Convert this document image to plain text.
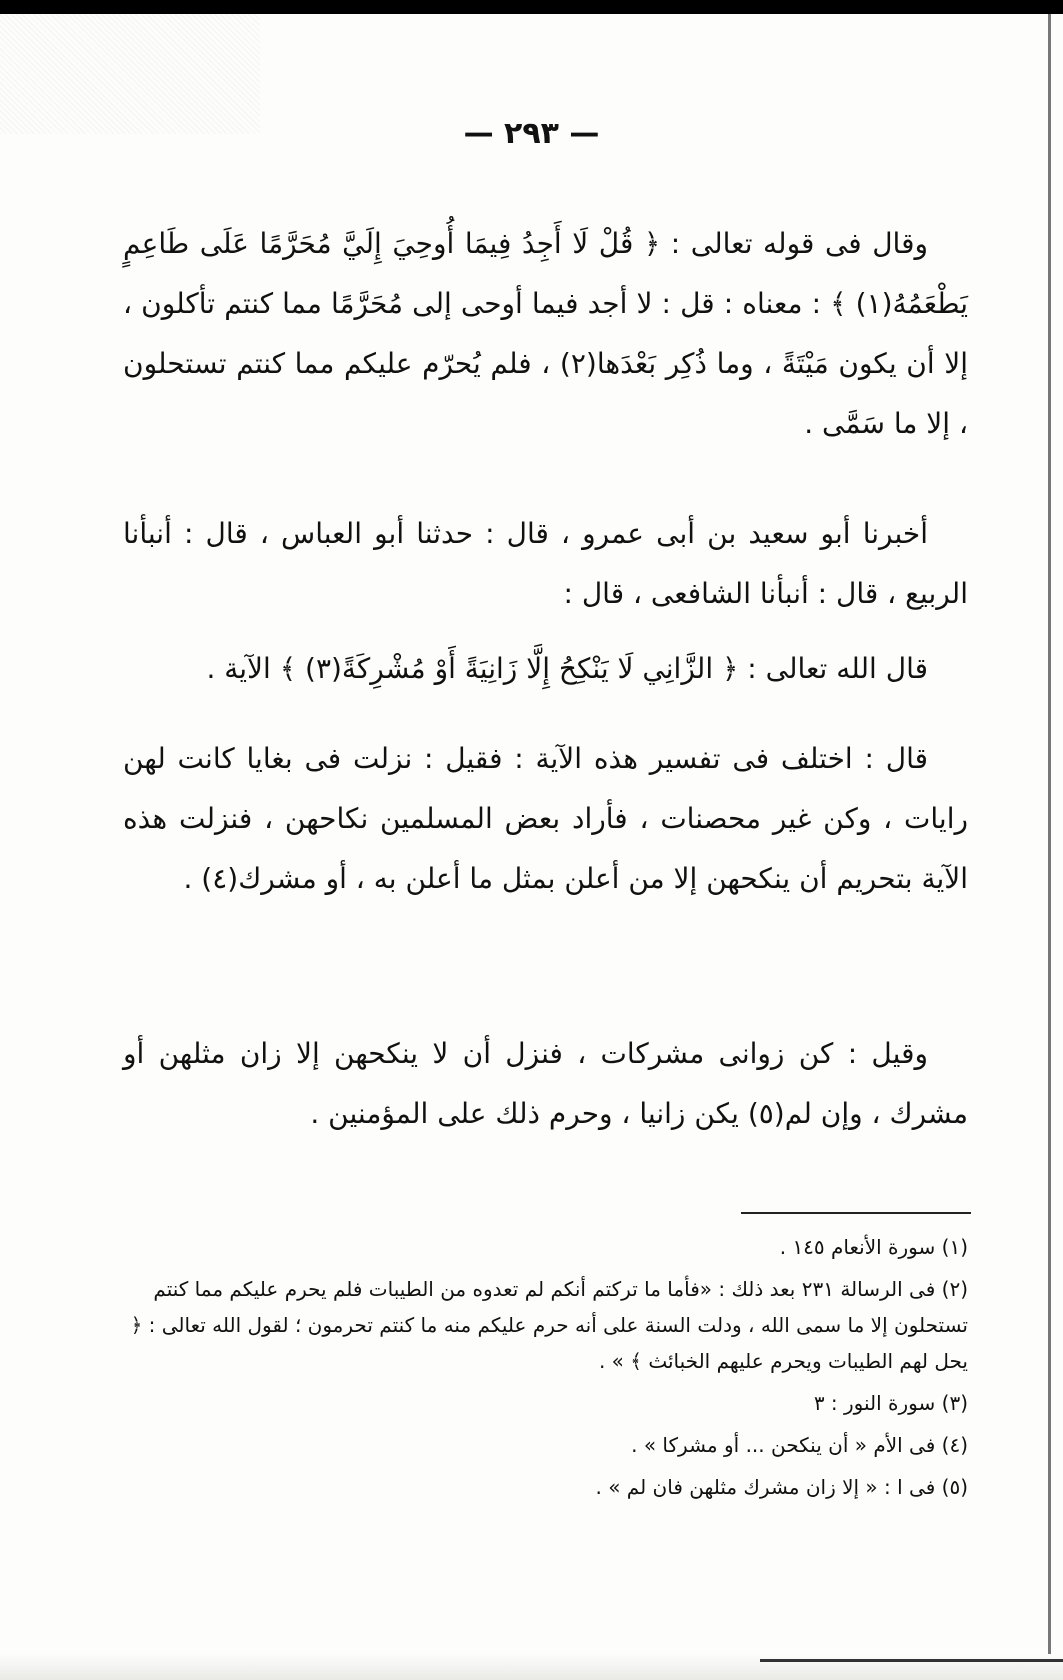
— ٢٩٣ —

وقال فى قوله تعالى : ﴿ قُلْ لَا أَجِدُ فِيمَا أُوحِيَ إِلَيَّ مُحَرَّمًا عَلَى طَاعِمٍ يَطْعَمُهُ(١) ﴾ : معناه : قل : لا أجد فيما أوحى إلى مُحَرَّمًا مما كنتم تأكلون ، إلا أن يكون مَيْتَةً ، وما ذُكِر بَعْدَها(٢) ، فلم يُحرّم عليكم مما كنتم تستحلون ، إلا ما سَمَّى .

أخبرنا أبو سعيد بن أبى عمرو ، قال : حدثنا أبو العباس ، قال : أنبأنا الربيع ، قال : أنبأنا الشافعى ، قال :

قال الله تعالى : ﴿ الزَّانِي لَا يَنْكِحُ إِلَّا زَانِيَةً أَوْ مُشْرِكَةً(٣) ﴾ الآية .

قال : اختلف فى تفسير هذه الآية : فقيل : نزلت فى بغايا كانت لهن رايات ، وكن غير محصنات ، فأراد بعض المسلمين نكاحهن ، فنزلت هذه الآية بتحريم أن ينكحهن إلا من أعلن بمثل ما أعلن به ، أو مشرك(٤) .

وقيل : كن زوانى مشركات ، فنزل أن لا ينكحهن إلا زان مثلهن أو مشرك ، وإن لم(٥) يكن زانيا ، وحرم ذلك على المؤمنين .

(١) سورة الأنعام ١٤٥ .
(٢) فى الرسالة ٢٣١ بعد ذلك : «فأما ما تركتم أنكم لم تعدوه من الطيبات فلم يحرم عليكم مما كنتم تستحلون إلا ما سمى الله ، ودلت السنة على أنه حرم عليكم منه ما كنتم تحرمون ؛ لقول الله تعالى : ﴿ يحل لهم الطيبات ويحرم عليهم الخبائث ﴾ » .
(٣) سورة النور : ٣
(٤) فى الأم « أن ينكحن ... أو مشركا » .
(٥) فى ا : « إلا زان مشرك مثلهن فان لم » .
